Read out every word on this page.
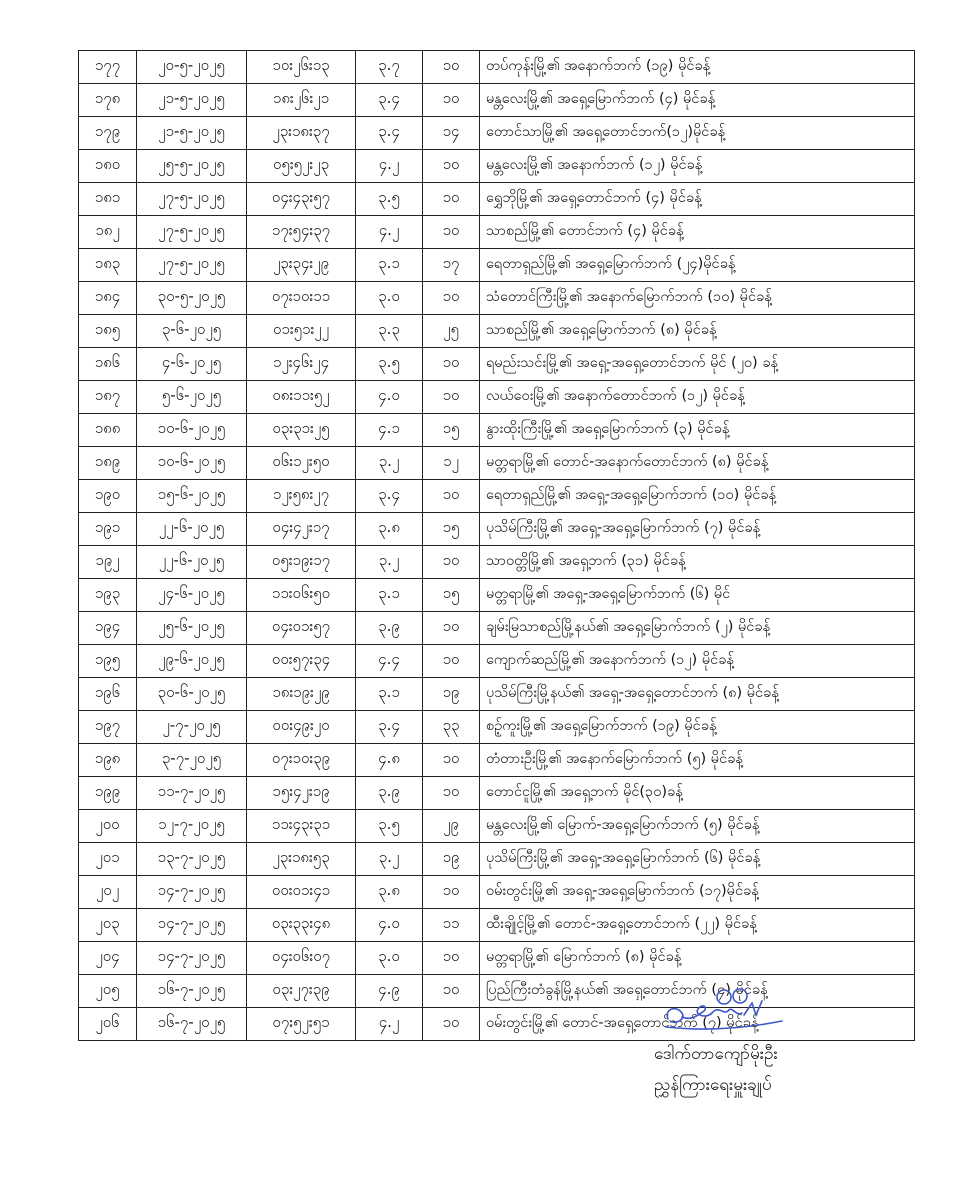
၁၇၇	၂၀-၅-၂၀၂၅	၁၀း၂၆း၁၃	၃.၇	၁၀	တပ်ကုန်းမြို့၏ အနောက်ဘက် (၁၉) မိုင်ခန့်
၁၇၈	၂၁-၅-၂၀၂၅	၁၈း၂၆း၂၁	၃.၄	၁၀	မန္တလေးမြို့၏ အရှေ့မြောက်ဘက် (၄) မိုင်ခန့်
၁၇၉	၂၁-၅-၂၀၂၅	၂၃း၁၈း၃၇	၃.၄	၁၄	တောင်သာမြို့၏ အရှေ့တောင်ဘက်(၁၂)မိုင်ခန့်
၁၈၀	၂၅-၅-၂၀၂၅	၀၅း၅၂း၂၃	၄.၂	၁၀	မန္တလေးမြို့၏ အနောက်ဘက် (၁၂) မိုင်ခန့်
၁၈၁	၂၇-၅-၂၀၂၅	၀၄း၄၃း၅၇	၃.၅	၁၀	ရွှေဘိုမြို့၏ အရှေ့တောင်ဘက် (၄) မိုင်ခန့်
၁၈၂	၂၇-၅-၂၀၂၅	၁၇း၅၄း၃၇	၄.၂	၁၀	သာစည်မြို့၏ တောင်ဘက် (၄) မိုင်ခန့်
၁၈၃	၂၇-၅-၂၀၂၅	၂၃း၃၄း၂၉	၃.၁	၁၇	ရေတာရှည်မြို့၏ အရှေ့မြောက်ဘက် (၂၄)မိုင်ခန့်
၁၈၄	၃၀-၅-၂၀၂၅	၀၇း၁၀း၁၁	၃.၀	၁၀	သံတောင်ကြီးမြို့၏ အနောက်မြောက်ဘက် (၁၀) မိုင်ခန့်
၁၈၅	၃-၆-၂၀၂၅	၀၁း၅၁း၂၂	၃.၃	၂၅	သာစည်မြို့၏ အရှေ့မြောက်ဘက် (၈) မိုင်ခန့်
၁၈၆	၄-၆-၂၀၂၅	၁၂း၄၆း၂၄	၃.၅	၁၀	ရမည်းသင်းမြို့၏ အရှေ့-အရှေ့တောင်ဘက် မိုင် (၂၀) ခန့်
၁၈၇	၅-၆-၂၀၂၅	၀၈း၁၁း၅၂	၄.၀	၁၀	လယ်ဝေးမြို့၏ အနောက်တောင်ဘက် (၁၂) မိုင်ခန့်
၁၈၈	၁၀-၆-၂၀၂၅	၀၃း၃၁း၂၅	၄.၁	၁၅	နွားထိုးကြီးမြို့၏ အရှေ့မြောက်ဘက် (၃) မိုင်ခန့်
၁၈၉	၁၀-၆-၂၀၂၅	၀၆း၁၂း၅၀	၃.၂	၁၂	မတ္တရာမြို့၏ တောင်-အနောက်တောင်ဘက် (၈) မိုင်ခန့်
၁၉၀	၁၅-၆-၂၀၂၅	၁၂း၅၈း၂၇	၃.၄	၁၀	ရေတာရှည်မြို့၏ အရှေ့-အရှေ့မြောက်ဘက် (၁၀) မိုင်ခန့်
၁၉၁	၂၂-၆-၂၀၂၅	၀၄း၄၂း၁၇	၃.၈	၁၅	ပုသိမ်ကြီးမြို့၏ အရှေ့-အရှေ့မြောက်ဘက် (၇) မိုင်ခန့်
၁၉၂	၂၂-၆-၂၀၂၅	၀၅း၁၉း၁၇	၃.၂	၁၀	သာဝတ္တိမြို့၏ အရှေ့ဘက် (၃၁) မိုင်ခန့်
၁၉၃	၂၄-၆-၂၀၂၅	၁၁း၀၆း၅၀	၃.၁	၁၅	မတ္တရာမြို့၏ အရှေ့-အရှေ့မြောက်ဘက် (၆) မိုင်
၁၉၄	၂၅-၆-၂၀၂၅	၀၄း၀၁း၅၇	၃.၉	၁၀	ချမ်းမြသာစည်မြို့နယ်၏ အရှေ့မြောက်ဘက် (၂) မိုင်ခန့်
၁၉၅	၂၉-၆-၂၀၂၅	၀၀း၅၇း၃၄	၄.၄	၁၀	ကျောက်ဆည်မြို့၏ အနောက်ဘက် (၁၂) မိုင်ခန့်
၁၉၆	၃၀-၆-၂၀၂၅	၁၈း၁၉း၂၉	၃.၁	၁၉	ပုသိမ်ကြီးမြို့နယ်၏ အရှေ့-အရှေ့တောင်ဘက် (၈) မိုင်ခန့်
၁၉၇	၂-၇-၂၀၂၅	၀၀း၄၉း၂၀	၃.၄	၃၃	စဥ့်ကူးမြို့၏ အရှေ့မြောက်ဘက် (၁၉) မိုင်ခန့်
၁၉၈	၃-၇-၂၀၂၅	၀၇း၁၀း၃၉	၄.၈	၁၀	တံတားဦးမြို့၏ အနောက်မြောက်ဘက် (၅) မိုင်ခန့်
၁၉၉	၁၁-၇-၂၀၂၅	၁၅း၄၂း၁၉	၃.၉	၁၀	တောင်ငူမြို့၏ အရှေ့ဘက် မိုင်(၃၀)ခန့်
၂၀၀	၁၂-၇-၂၀၂၅	၁၁း၄၃း၃၁	၃.၅	၂၉	မန္တလေးမြို့၏ မြောက်-အရှေ့မြောက်ဘက် (၅) မိုင်ခန့်
၂၀၁	၁၃-၇-၂၀၂၅	၂၃း၁၈း၅၃	၃.၂	၁၉	ပုသိမ်ကြီးမြို့၏ အရှေ့-အရှေ့မြောက်ဘက် (၆) မိုင်ခန့်
၂၀၂	၁၄-၇-၂၀၂၅	၀၀း၀၁း၄၁	၃.၈	၁၀	ဝမ်းတွင်းမြို့၏ အရှေ့-အရှေ့မြောက်ဘက် (၁၇)မိုင်ခန့်
၂၀၃	၁၄-၇-၂၀၂၅	၀၃း၃၃း၄၈	၄.၀	၁၁	ထီးချိုင့်မြို့၏ တောင်-အရှေ့တောင်ဘက် (၂၂) မိုင်ခန့်
၂၀၄	၁၄-၇-၂၀၂၅	၀၄း၀၆း၀၇	၃.၀	၁၀	မတ္တရာမြို့၏ မြောက်ဘက် (၈) မိုင်ခန့်
၂၀၅	၁၆-၇-၂၀၂၅	၀၃း၂၇း၃၉	၄.၉	၁၀	ပြည်ကြီးတံခွန်မြို့နယ်၏ အရှေ့တောင်ဘက် (၄) မိုင်ခန့်
၂၀၆	၁၆-၇-၂၀၂၅	၀၇း၅၂း၅၁	၄.၂	၁၀	ဝမ်းတွင်းမြို့၏ တောင်-အရှေ့တောင်ဘက် (၇) မိုင်ခန့်
ဒေါက်တာကျော်မိုးဦး
ညွှန်ကြားရေးမှူးချုပ်
